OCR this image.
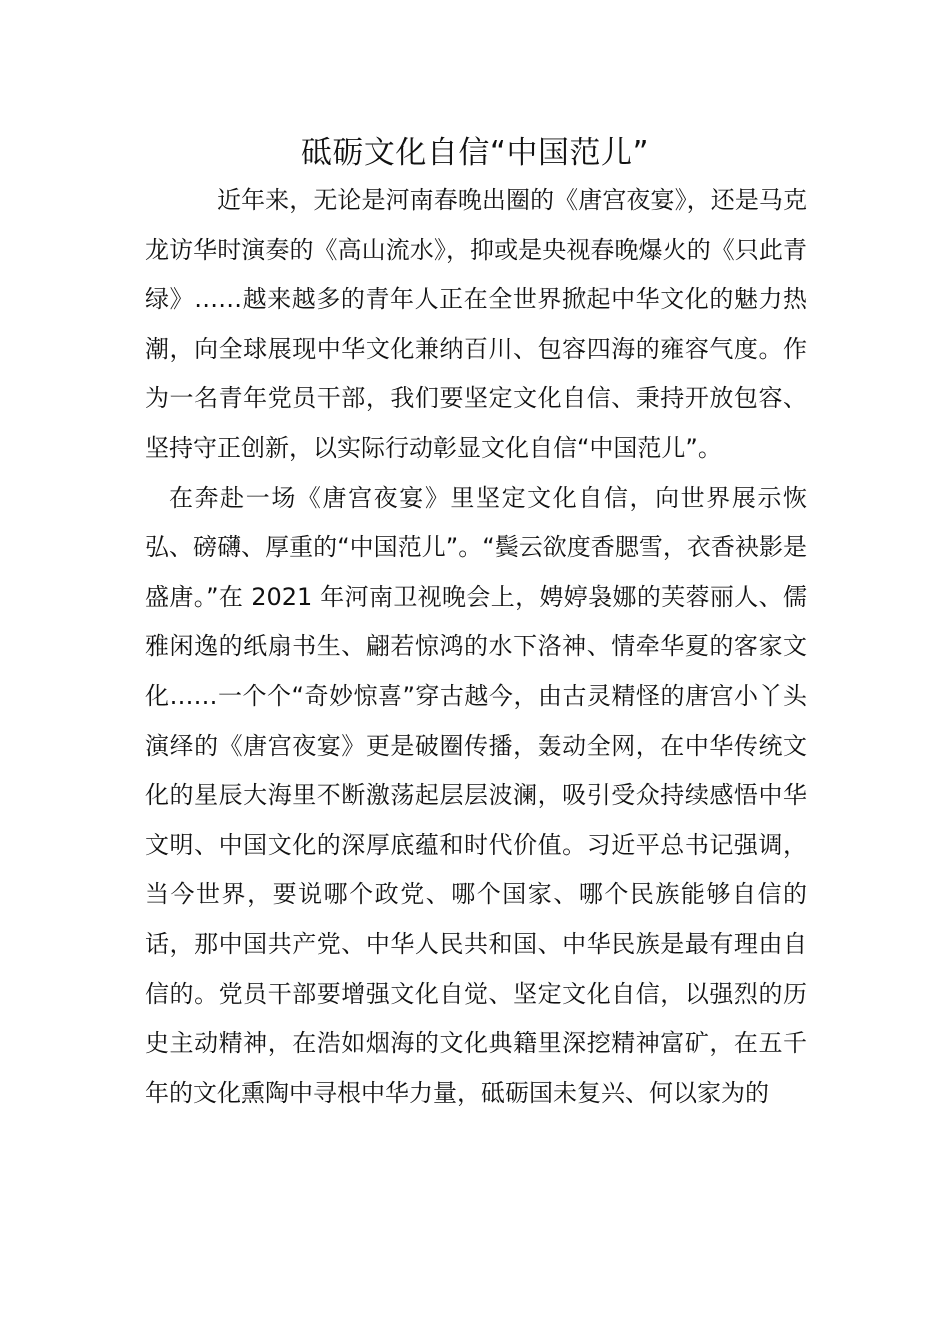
砥砺文化自信“中国范儿”

近年来，无论是河南春晚出圈的《唐宫夜宴》，还是马克龙访华时演奏的《高山流水》，抑或是央视春晚爆火的《只此青绿》……越来越多的青年人正在全世界掀起中华文化的魅力热潮，向全球展现中华文化兼纳百川、包容四海的雍容气度。作为一名青年党员干部，我们要坚定文化自信、秉持开放包容、坚持守正创新，以实际行动彰显文化自信“中国范儿”。

在奔赴一场《唐宫夜宴》里坚定文化自信，向世界展示恢弘、磅礴、厚重的“中国范儿”。“鬓云欲度香腮雪，衣香袂影是盛唐。”在 2021 年河南卫视晚会上，娉婷袅娜的芙蓉丽人、儒雅闲逸的纸扇书生、翩若惊鸿的水下洛神、情牵华夏的客家文化……一个个“奇妙惊喜”穿古越今，由古灵精怪的唐宫小丫头演绎的《唐宫夜宴》更是破圈传播，轰动全网，在中华传统文化的星辰大海里不断激荡起层层波澜，吸引受众持续感悟中华文明、中国文化的深厚底蕴和时代价值。习近平总书记强调，当今世界，要说哪个政党、哪个国家、哪个民族能够自信的话，那中国共产党、中华人民共和国、中华民族是最有理由自信的。党员干部要增强文化自觉、坚定文化自信，以强烈的历史主动精神，在浩如烟海的文化典籍里深挖精神富矿，在五千年的文化熏陶中寻根中华力量，砥砺国未复兴、何以家为的
